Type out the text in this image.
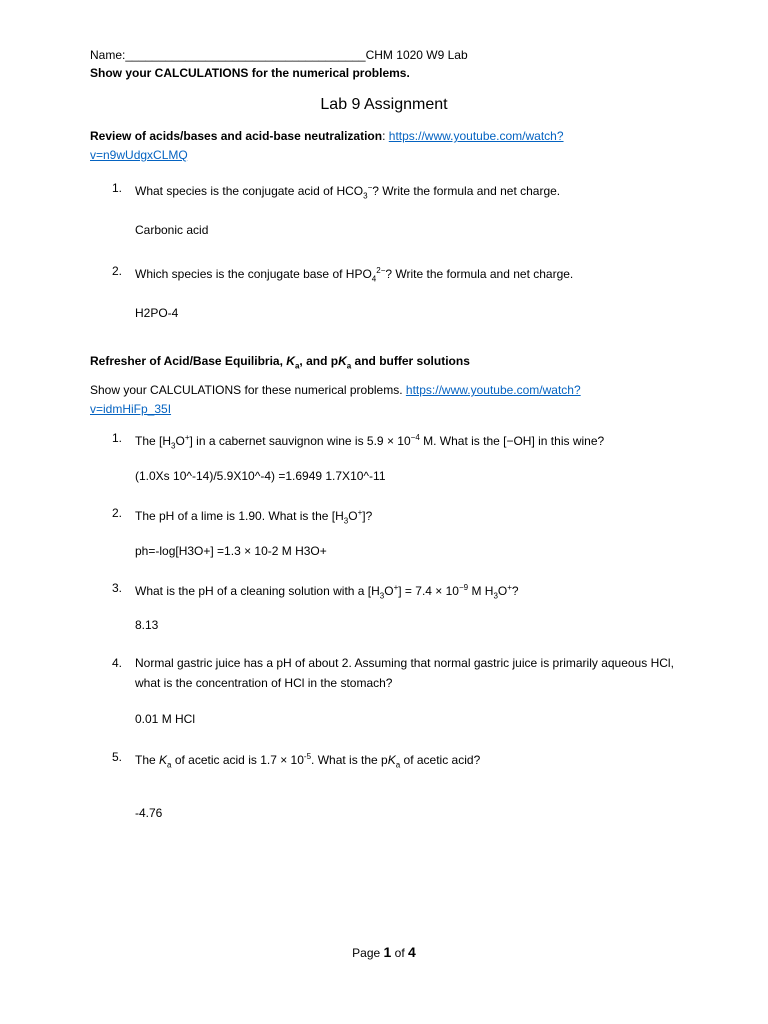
Name:____________________________________CHM 1020 W9 Lab
Show your CALCULATIONS for the numerical problems.
Lab 9 Assignment
Review of acids/bases and acid-base neutralization: https://www.youtube.com/watch?
v=n9wUdgxCLMQ
1. What species is the conjugate acid of $HCO_3^-$? Write the formula and net charge.
Carbonic acid
2. Which species is the conjugate base of $HPO_4^{2-}$? Write the formula and net charge.
H2PO-4
Refresher of Acid/Base Equilibria, $K_a$, and $pK_a$ and buffer solutions
Show your CALCULATIONS for these numerical problems. https://www.youtube.com/watch?
v=idmHiFp_35I
1. The $[H_3O^+]$ in a cabernet sauvignon wine is $5.9 \times 10^{-4}$ M. What is the [−OH] in this wine?
(1.0Xs 10^-14)/5.9X10^-4) =1.6949 1.7X10^-11
2. The pH of a lime is 1.90. What is the $[H_3O^+]$?
ph=-log[H3O+] =1.3 × 10-2 M H3O+
3. What is the pH of a cleaning solution with a $[H_3O^+] = 7.4 \times 10^{-9}$ M $H_3O^+$?
8.13
4. Normal gastric juice has a pH of about 2. Assuming that normal gastric juice is primarily aqueous HCl, what is the concentration of HCl in the stomach?
0.01 M HCl
5. The $K_a$ of acetic acid is $1.7 \times 10^{-5}$. What is the $pK_a$ of acetic acid?
-4.76
Page 1 of 4
